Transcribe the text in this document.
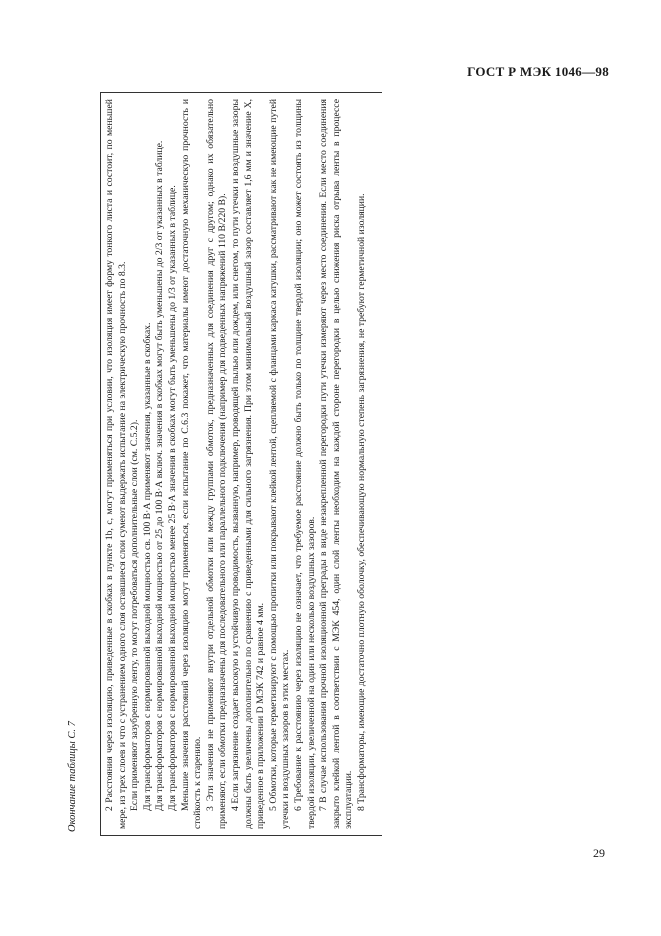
ГОСТ Р МЭК 1046—98
Окончание таблицы С. 7	2 Расстояния через изоляцию, приведенные в скобках в пункте 1b, с, могут применяться при условии, что изоляция имеет форму тонкого листа и состоит, по меньшей мере, из трех слоев и что с устранением одного слоя оставшиеся слои сумеют выдержать испытание на электрическую прочность по 8.3. Если применяют зазубренную ленту, то могут потребоваться дополнительные слои (см. С.5.2). Для трансформаторов с нормированной выходной мощностью св. 100 В·А применяют значения, указанные в скобках. Для трансформаторов с нормированной выходной мощностью от 25 до 100 В·А включ. значения в скобках могут быть уменьшены до 2/3 от указанных в таблице. Для трансформаторов с нормированной выходной мощностью менее 25 В·А значения в скобках могут быть уменьшены до 1/3 от указанных в таблице. Меньшие значения расстояний через изоляцию могут применяться, если испытание по С.6.3 покажет, что материалы имеют достаточную механическую прочность и стойкость к старению. 3 Эти значения не применяют внутри отдельной обмотки или между группами обмоток, предназначенных для соединения друг с другом; однако их обязательно применяют, если обмотки предназначены для последовательного или параллельного подключения (например для подведенных напряжений 110 В/220 В). 4 Если загрязнение создает высокую и устойчивую проводимость, вызванную, например, проводящей пылью или дождем, или снегом, то пути утечки и воздушные зазоры должны быть увеличены дополнительно по сравнению с приведенными для сильного загрязнения. При этом минимальный воздушный зазор составляет 1,6 мм и значение Х, приведенное в приложении D МЭК 742 и равное 4 мм. 5 Обмотки, которые герметизируют с помощью пропитки или покрывают клейкой лентой, сцепляемой с фланцами каркаса катушки, рассматривают как не имеющие путей утечки и воздушных зазоров в этих местах. 6 Требование к расстоянию через изоляцию не означает, что требуемое расстояние должно быть только по толщине твердой изоляции; оно может состоять из толщины твердой изоляции, увеличенной на один или несколько воздушных зазоров. 7 В случае использования прочной изоляционной преграды в виде незакрепленной перегородки пути утечки измеряют через место соединения. Если место соединения закрыто клейкой лентой в соответствии с МЭК 454, один слой ленты необходим на каждой стороне перегородки в целью снижения риска отрыва ленты в процессе эксплуатации. 8 Трансформаторы, имеющие достаточно плотную оболочку, обеспечивающую нормальную степень загрязнения, не требуют герметичной изоляции.

29
